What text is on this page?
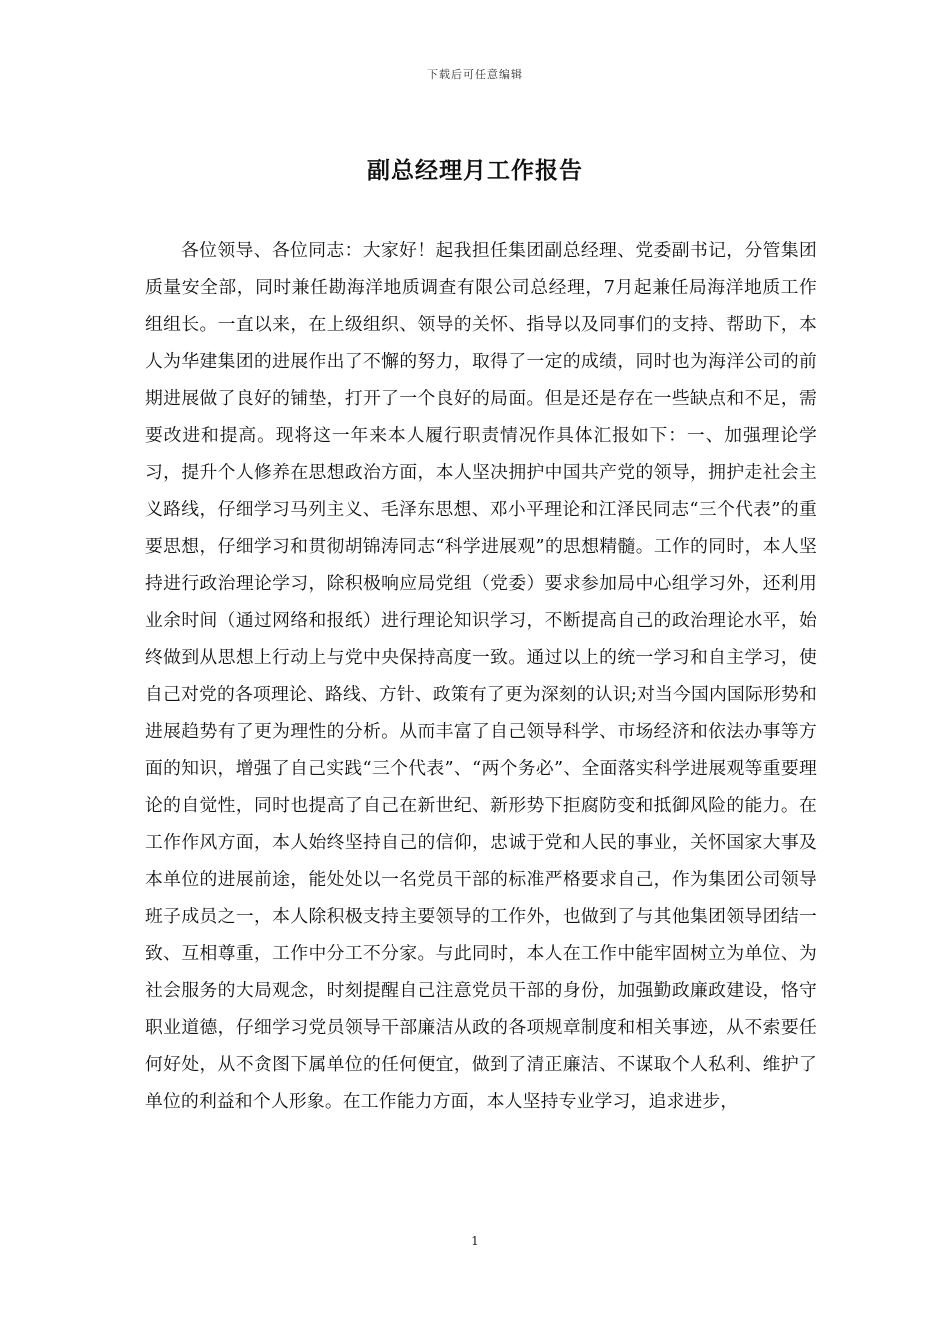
下载后可任意编辑
副总经理月工作报告

各位领导、各位同志：大家好！起我担任集团副总经理、党委副书记，分管集团质量安全部，同时兼任勘海洋地质调查有限公司总经理，7月起兼任局海洋地质工作组组长。一直以来，在上级组织、领导的关怀、指导以及同事们的支持、帮助下，本人为华建集团的进展作出了不懈的努力，取得了一定的成绩，同时也为海洋公司的前期进展做了良好的铺垫，打开了一个良好的局面。但是还是存在一些缺点和不足，需要改进和提高。现将这一年来本人履行职责情况作具体汇报如下：一、加强理论学习，提升个人修养在思想政治方面，本人坚决拥护中国共产党的领导，拥护走社会主义路线，仔细学习马列主义、毛泽东思想、邓小平理论和江泽民同志“三个代表”的重要思想，仔细学习和贯彻胡锦涛同志“科学进展观”的思想精髓。工作的同时，本人坚持进行政治理论学习，除积极响应局党组（党委）要求参加局中心组学习外，还利用业余时间（通过网络和报纸）进行理论知识学习，不断提高自己的政治理论水平，始终做到从思想上行动上与党中央保持高度一致。通过以上的统一学习和自主学习，使自己对党的各项理论、路线、方针、政策有了更为深刻的认识;对当今国内国际形势和进展趋势有了更为理性的分析。从而丰富了自己领导科学、市场经济和依法办事等方面的知识，增强了自己实践“三个代表”、“两个务必”、全面落实科学进展观等重要理论的自觉性，同时也提高了自己在新世纪、新形势下拒腐防变和抵御风险的能力。在工作作风方面，本人始终坚持自己的信仰，忠诚于党和人民的事业，关怀国家大事及本单位的进展前途，能处处以一名党员干部的标准严格要求自己，作为集团公司领导班子成员之一，本人除积极支持主要领导的工作外，也做到了与其他集团领导团结一致、互相尊重，工作中分工不分家。与此同时，本人在工作中能牢固树立为单位、为社会服务的大局观念，时刻提醒自己注意党员干部的身份，加强勤政廉政建设，恪守职业道德，仔细学习党员领导干部廉洁从政的各项规章制度和相关事迹，从不索要任何好处，从不贪图下属单位的任何便宜，做到了清正廉洁、不谋取个人私利、维护了单位的利益和个人形象。在工作能力方面，本人坚持专业学习，追求进步，

1
